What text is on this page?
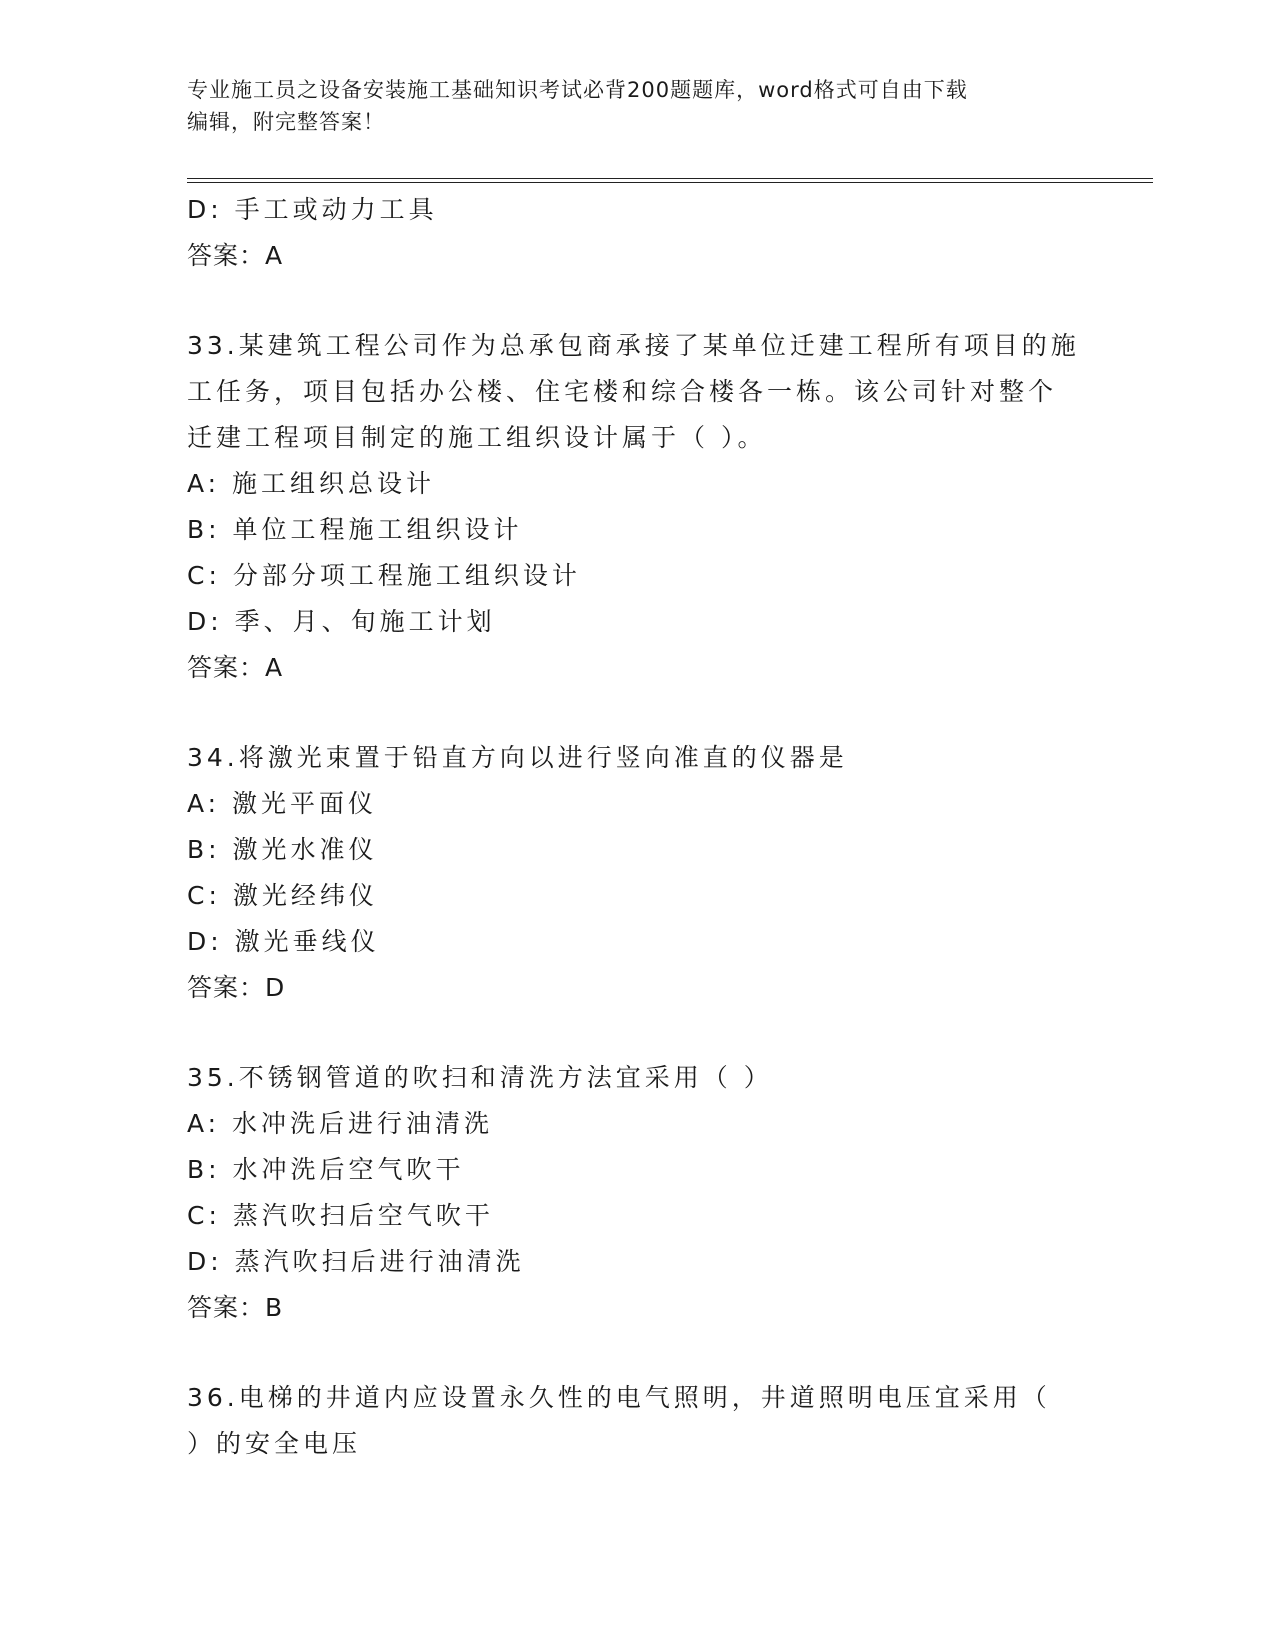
专业施工员之设备安装施工基础知识考试必背200题题库，word格式可自由下载
编辑，附完整答案！
D: 手工或动力工具
答案：A
33.某建筑工程公司作为总承包商承接了某单位迁建工程所有项目的施
工任务，项目包括办公楼、住宅楼和综合楼各一栋。该公司针对整个
迁建工程项目制定的施工组织设计属于（ ）。
A: 施工组织总设计
B: 单位工程施工组织设计
C: 分部分项工程施工组织设计
D: 季、月、旬施工计划
答案：A
34.将激光束置于铅直方向以进行竖向准直的仪器是
A: 激光平面仪
B: 激光水准仪
C: 激光经纬仪
D: 激光垂线仪
答案：D
35.不锈钢管道的吹扫和清洗方法宜采用（ ）
A: 水冲洗后进行油清洗
B: 水冲洗后空气吹干
C: 蒸汽吹扫后空气吹干
D: 蒸汽吹扫后进行油清洗
答案：B
36.电梯的井道内应设置永久性的电气照明，井道照明电压宜采用（
）的安全电压
